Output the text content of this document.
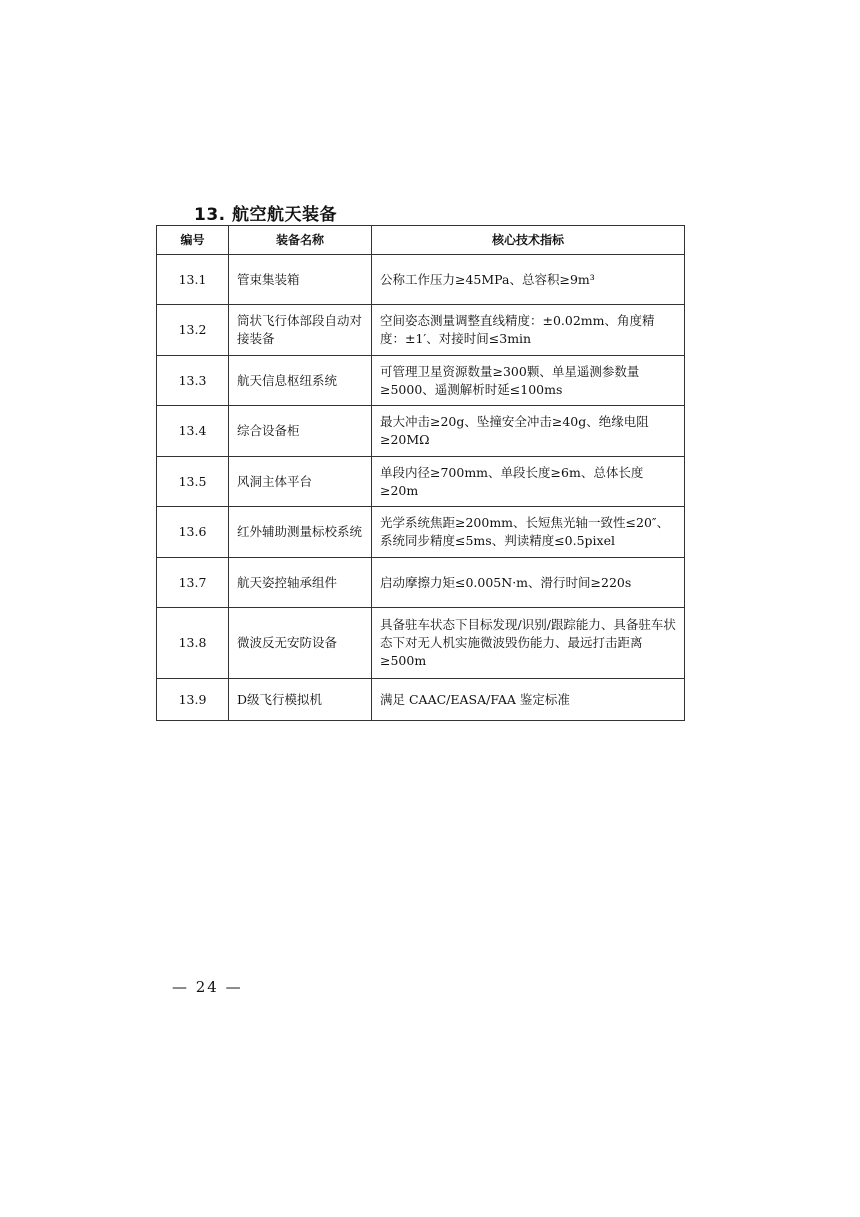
13. 航空航天装备
编号	装备名称	核心技术指标
13.1	管束集装箱	公称工作压力≥45MPa、总容积≥9m³
13.2	筒状飞行体部段自动对接装备	空间姿态测量调整直线精度：±0.02mm、角度精度：±1′、对接时间≤3min
13.3	航天信息枢纽系统	可管理卫星资源数量≥300颗、单星遥测参数量≥5000、遥测解析时延≤100ms
13.4	综合设备柜	最大冲击≥20g、坠撞安全冲击≥40g、绝缘电阻≥20MΩ
13.5	风洞主体平台	单段内径≥700mm、单段长度≥6m、总体长度≥20m
13.6	红外辅助测量标校系统	光学系统焦距≥200mm、长短焦光轴一致性≤20″、系统同步精度≤5ms、判读精度≤0.5pixel
13.7	航天姿控轴承组件	启动摩擦力矩≤0.005N·m、滑行时间≥220s
13.8	微波反无安防设备	具备驻车状态下目标发现/识别/跟踪能力、具备驻车状态下对无人机实施微波毁伤能力、最远打击距离≥500m
13.9	D级飞行模拟机	满足 CAAC/EASA/FAA 鉴定标准
— 24 —
